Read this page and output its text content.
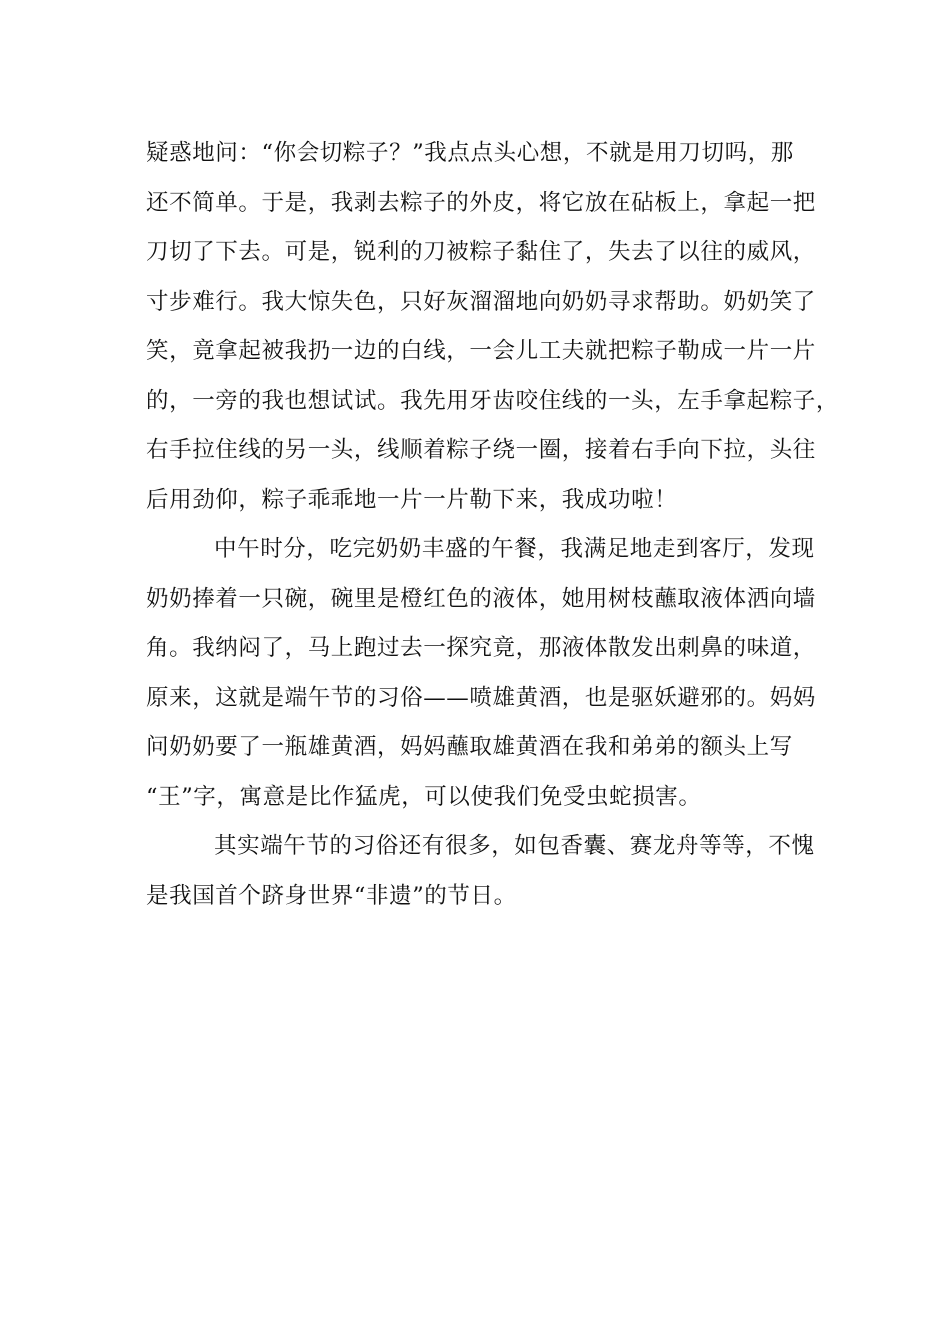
疑惑地问：“你会切粽子？”我点点头心想，不就是用刀切吗，那
还不简单。于是，我剥去粽子的外皮，将它放在砧板上，拿起一把
刀切了下去。可是，锐利的刀被粽子黏住了，失去了以往的威风，
寸步难行。我大惊失色，只好灰溜溜地向奶奶寻求帮助。奶奶笑了
笑，竟拿起被我扔一边的白线，一会儿工夫就把粽子勒成一片一片
的，一旁的我也想试试。我先用牙齿咬住线的一头，左手拿起粽子，
右手拉住线的另一头，线顺着粽子绕一圈，接着右手向下拉，头往
后用劲仰，粽子乖乖地一片一片勒下来，我成功啦！
中午时分，吃完奶奶丰盛的午餐，我满足地走到客厅，发现
奶奶捧着一只碗，碗里是橙红色的液体，她用树枝蘸取液体洒向墙
角。我纳闷了，马上跑过去一探究竟，那液体散发出刺鼻的味道，
原来，这就是端午节的习俗——喷雄黄酒，也是驱妖避邪的。妈妈
问奶奶要了一瓶雄黄酒，妈妈蘸取雄黄酒在我和弟弟的额头上写
“王”字，寓意是比作猛虎，可以使我们免受虫蛇损害。
其实端午节的习俗还有很多，如包香囊、赛龙舟等等，不愧
是我国首个跻身世界“非遗”的节日。
